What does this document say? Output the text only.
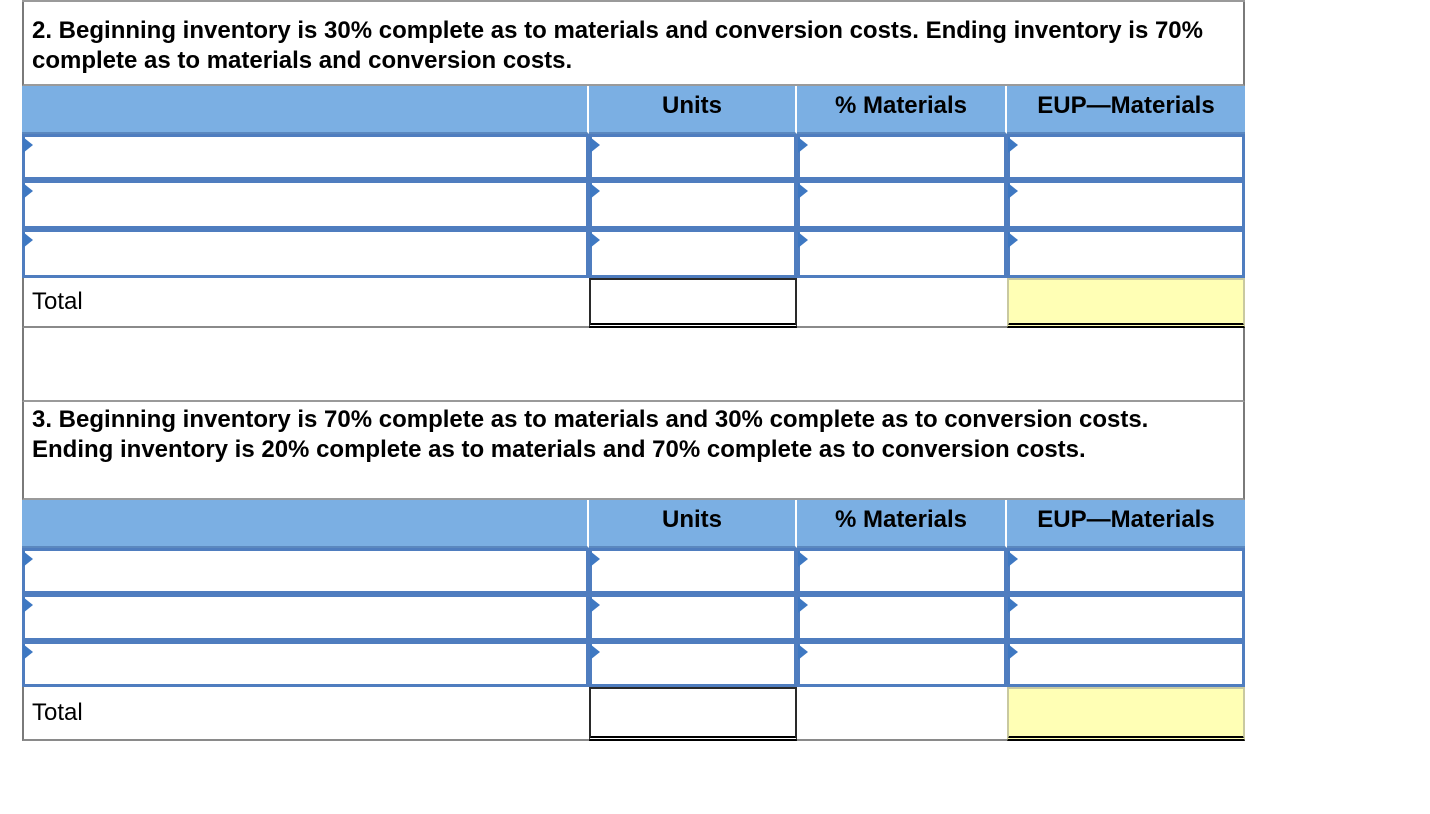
2. Beginning inventory is 30% complete as to materials and conversion costs. Ending inventory is 70% complete as to materials and conversion costs.
Units	% Materials	EUP—Materials
Total
3. Beginning inventory is 70% complete as to materials and 30% complete as to conversion costs. Ending inventory is 20% complete as to materials and 70% complete as to conversion costs.
Units	% Materials	EUP—Materials
Total
